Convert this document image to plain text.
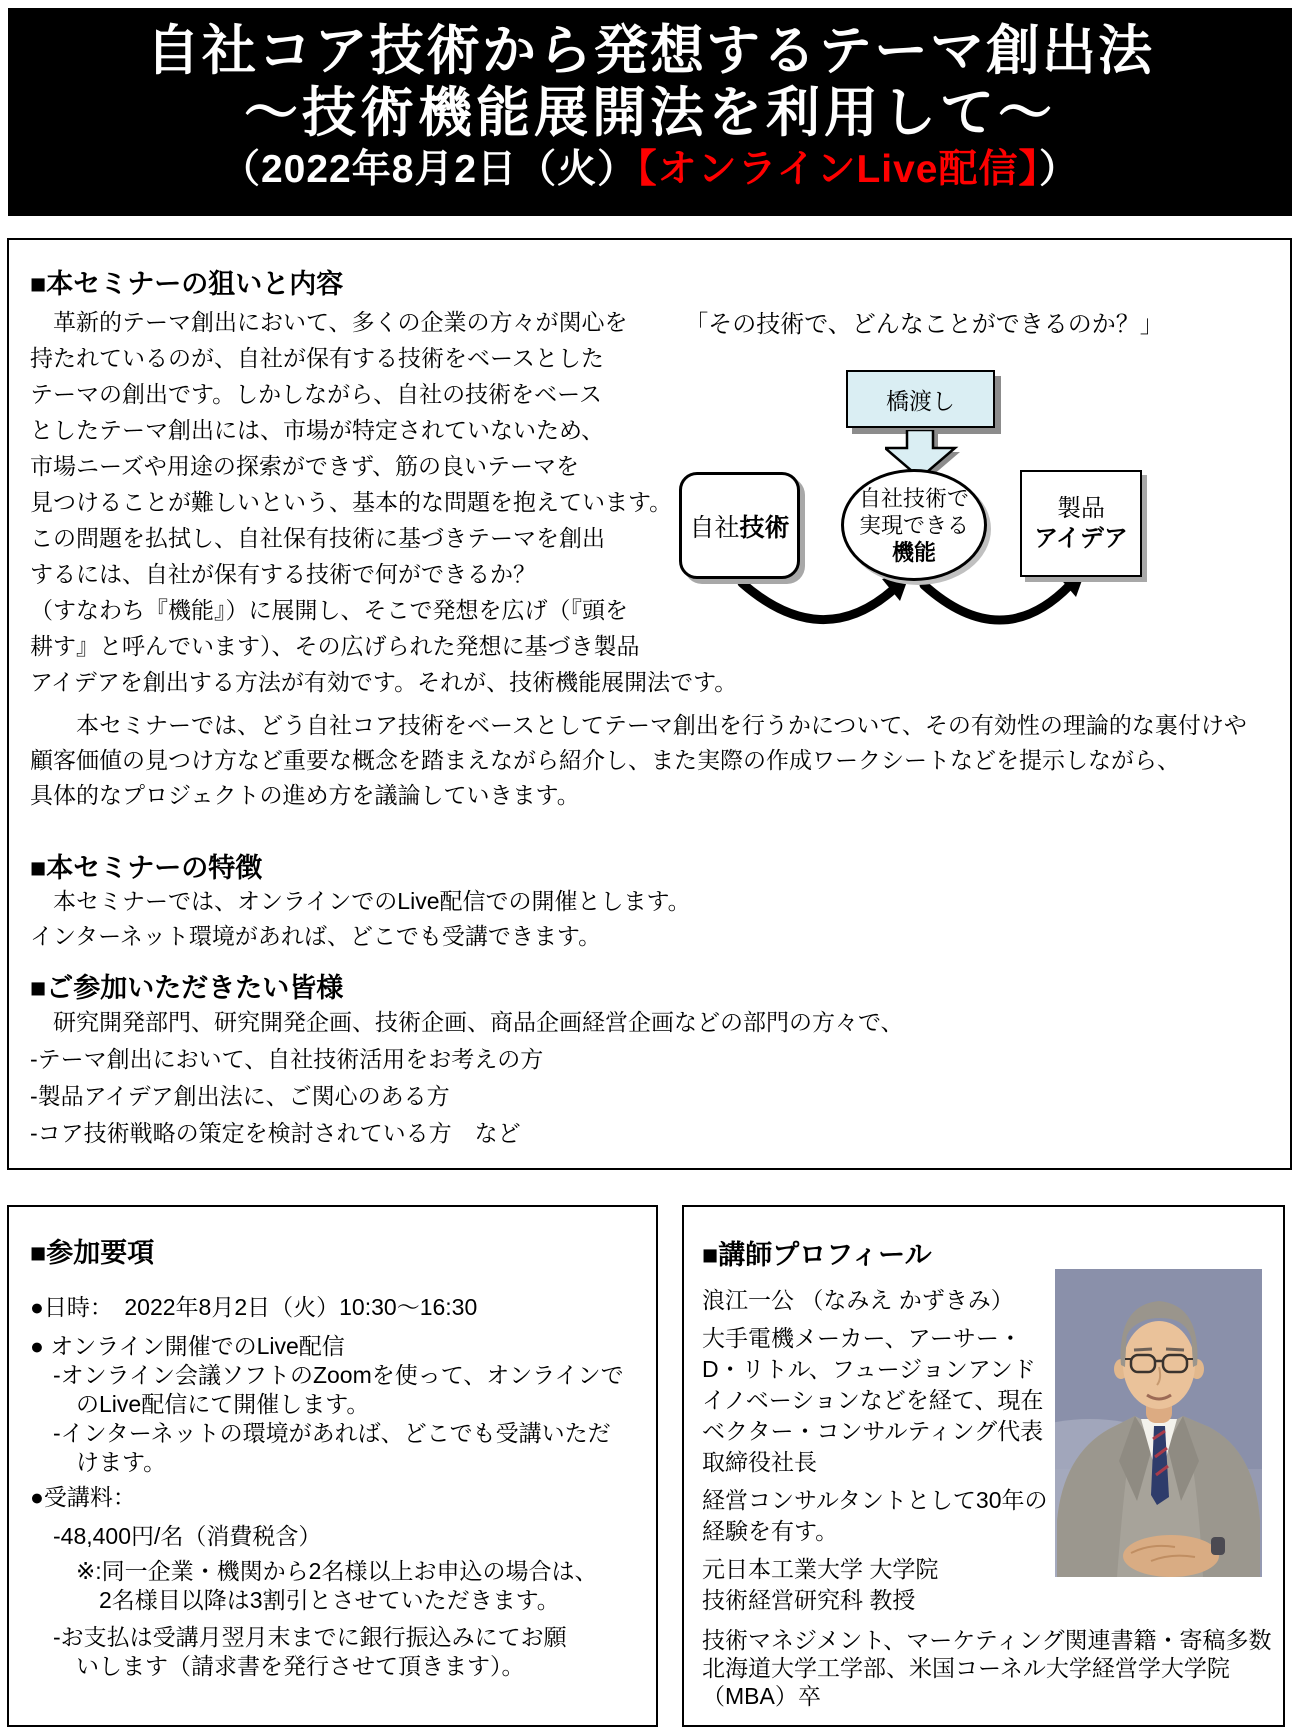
自社コア技術から発想するテーマ創出法
～技術機能展開法を利用して～
（2022年8月2日（火）【オンラインLive配信】）
■本セミナーの狙いと内容
　革新的テーマ創出において、多くの企業の方々が関心を
持たれているのが、自社が保有する技術をベースとした
テーマの創出です。しかしながら、自社の技術をベース
としたテーマ創出には、市場が特定されていないため、
市場ニーズや用途の探索ができず、筋の良いテーマを
見つけることが難しいという、基本的な問題を抱えています。
この問題を払拭し、自社保有技術に基づきテーマを創出
するには、自社が保有する技術で何ができるか？
（すなわち『機能』）に展開し、そこで発想を広げ（『頭を
耕す』と呼んでいます）、その広げられた発想に基づき製品
アイデアを創出する方法が有効です。それが、技術機能展開法です。
　　本セミナーでは、どう自社コア技術をベースとしてテーマ創出を行うかについて、その有効性の理論的な裏付けや
顧客価値の見つけ方など重要な概念を踏まえながら紹介し、また実際の作成ワークシートなどを提示しながら、
具体的なプロジェクトの進め方を議論していきます。
■本セミナーの特徴
　本セミナーでは、オンラインでのLive配信での開催とします。
インターネット環境があれば、どこでも受講できます。
■ご参加いただきたい皆様
　研究開発部門、研究開発企画、技術企画、商品企画経営企画などの部門の方々で、
-テーマ創出において、自社技術活用をお考えの方
-製品アイデア創出法に、ご関心のある方
-コア技術戦略の策定を検討されている方　など
「その技術で、どんなことができるのか？」
橋渡し
自社技術
自社技術で
実現できる
機能
製品
アイデア
■参加要項
●日時：　2022年8月2日（火）10:30～16:30
● オンライン開催でのLive配信
　-オンライン会議ソフトのZoomを使って、オンラインで
　　のLive配信にて開催します。
　-インターネットの環境があれば、どこでも受講いただ
　　けます。
●受講料：
　-48,400円/名（消費税含）
　　※:同一企業・機関から2名様以上お申込の場合は、
　　　2名様目以降は3割引とさせていただきます。
　-お支払は受講月翌月末までに銀行振込みにてお願
　　いします（請求書を発行させて頂きます）。
■講師プロフィール
浪江一公 （なみえ かずきみ）
大手電機メーカー、アーサー・
D・リトル、フュージョンアンド
イノベーションなどを経て、現在
ベクター・コンサルティング代表
取締役社長
経営コンサルタントとして30年の
経験を有す。
元日本工業大学 大学院
技術経営研究科 教授
技術マネジメント、マーケティング関連書籍・寄稿多数
北海道大学工学部、米国コーネル大学経営学大学院
（MBA）卒
